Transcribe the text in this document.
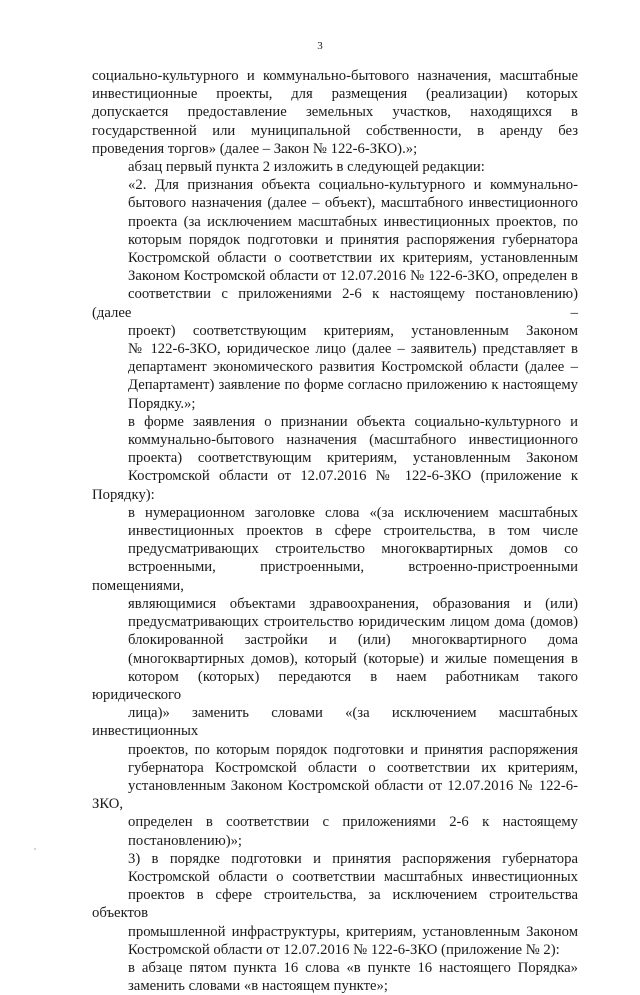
3

социально-культурного и коммунально-бытового назначения, масштабные
инвестиционные проекты, для размещения (реализации) которых
допускается предоставление земельных участков, находящихся в
государственной или муниципальной собственности, в аренду без
проведения торгов» (далее – Закон № 122-6-ЗКО).»;

абзац первый пункта 2 изложить в следующей редакции:

«2. Для признания объекта социально-культурного и коммунально-
бытового назначения (далее – объект), масштабного инвестиционного
проекта (за исключением масштабных инвестиционных проектов, по
которым порядок подготовки и принятия распоряжения губернатора
Костромской области о соответствии их критериям, установленным
Законом Костромской области от 12.07.2016 № 122-6-ЗКО, определен в
соответствии с приложениями 2-6 к настоящему постановлению) (далее –
проект) соответствующим критериям, установленным Законом
№ 122-6-ЗКО, юридическое лицо (далее – заявитель) представляет в
департамент экономического развития Костромской области (далее –
Департамент) заявление по форме согласно приложению к настоящему
Порядку.»;

в форме заявления о признании объекта социально-культурного и
коммунально-бытового назначения (масштабного инвестиционного
проекта) соответствующим критериям, установленным Законом
Костромской области от 12.07.2016 № 122-6-ЗКО (приложение к Порядку):

в нумерационном заголовке слова «(за исключением масштабных
инвестиционных проектов в сфере строительства, в том числе
предусматривающих строительство многоквартирных домов со
встроенными, пристроенными, встроенно-пристроенными помещениями,
являющимися объектами здравоохранения, образования и (или)
предусматривающих строительство юридическим лицом дома (домов)
блокированной застройки и (или) многоквартирного дома
(многоквартирных домов), который (которые) и жилые помещения в
котором (которых) передаются в наем работникам такого юридического
лица)» заменить словами «(за исключением масштабных инвестиционных
проектов, по которым порядок подготовки и принятия распоряжения
губернатора Костромской области о соответствии их критериям,
установленным Законом Костромской области от 12.07.2016 № 122-6-ЗКО,
определен в соответствии с приложениями 2-6 к настоящему
постановлению)»;

3) в порядке подготовки и принятия распоряжения губернатора
Костромской области о соответствии масштабных инвестиционных
проектов в сфере строительства, за исключением строительства объектов
промышленной инфраструктуры, критериям, установленным Законом
Костромской области от 12.07.2016 № 122-6-ЗКО (приложение № 2):

в абзаце пятом пункта 16 слова «в пункте 16 настоящего Порядка»
заменить словами «в настоящем пункте»;
